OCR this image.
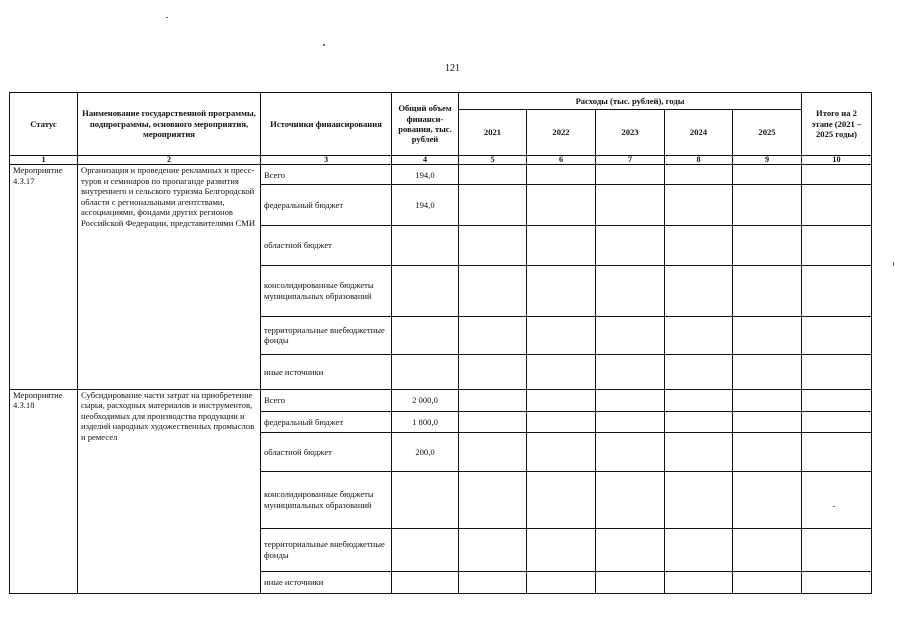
121
Статус	Наименование государственной программы, подпрограммы, основного мероприятия, мероприятия	Источники финансирования	Общий объем финанси-рования, тыс. рублей	Расходы (тыс. рублей), годы					Итого на 2 этапе (2021 – 2025 годы)
				2021	2022	2023	2024	2025	
1	2	3	4	5	6	7	8	9	10
Мероприятие 4.3.17	Организация и проведение рекламных и пресс-туров и семинаров по пропаганде развития внутреннего и сельского туризма Белгородской области с региональными агентствами, ассоциациями, фондами других регионов Российской Федерации, представителями СМИ	Всего	194,0						
		федеральный бюджет	194,0						
		областной бюджет							
		консолидированные бюджеты муниципальных образований							
		территориальные внебюджетные фонды							
		иные источники							
Мероприятие 4.3.18	Субсидирование части затрат на приобретение сырья, расходных материалов и инструментов, необходимых для производства продукции и изделий народных художественных промыслов и ремесел	Всего	2 000,0						
		федеральный бюджет	1 800,0						
		областной бюджет	200,0						
		консолидированные бюджеты муниципальных образований							
		территориальные внебюджетные фонды							
		иные источники							
